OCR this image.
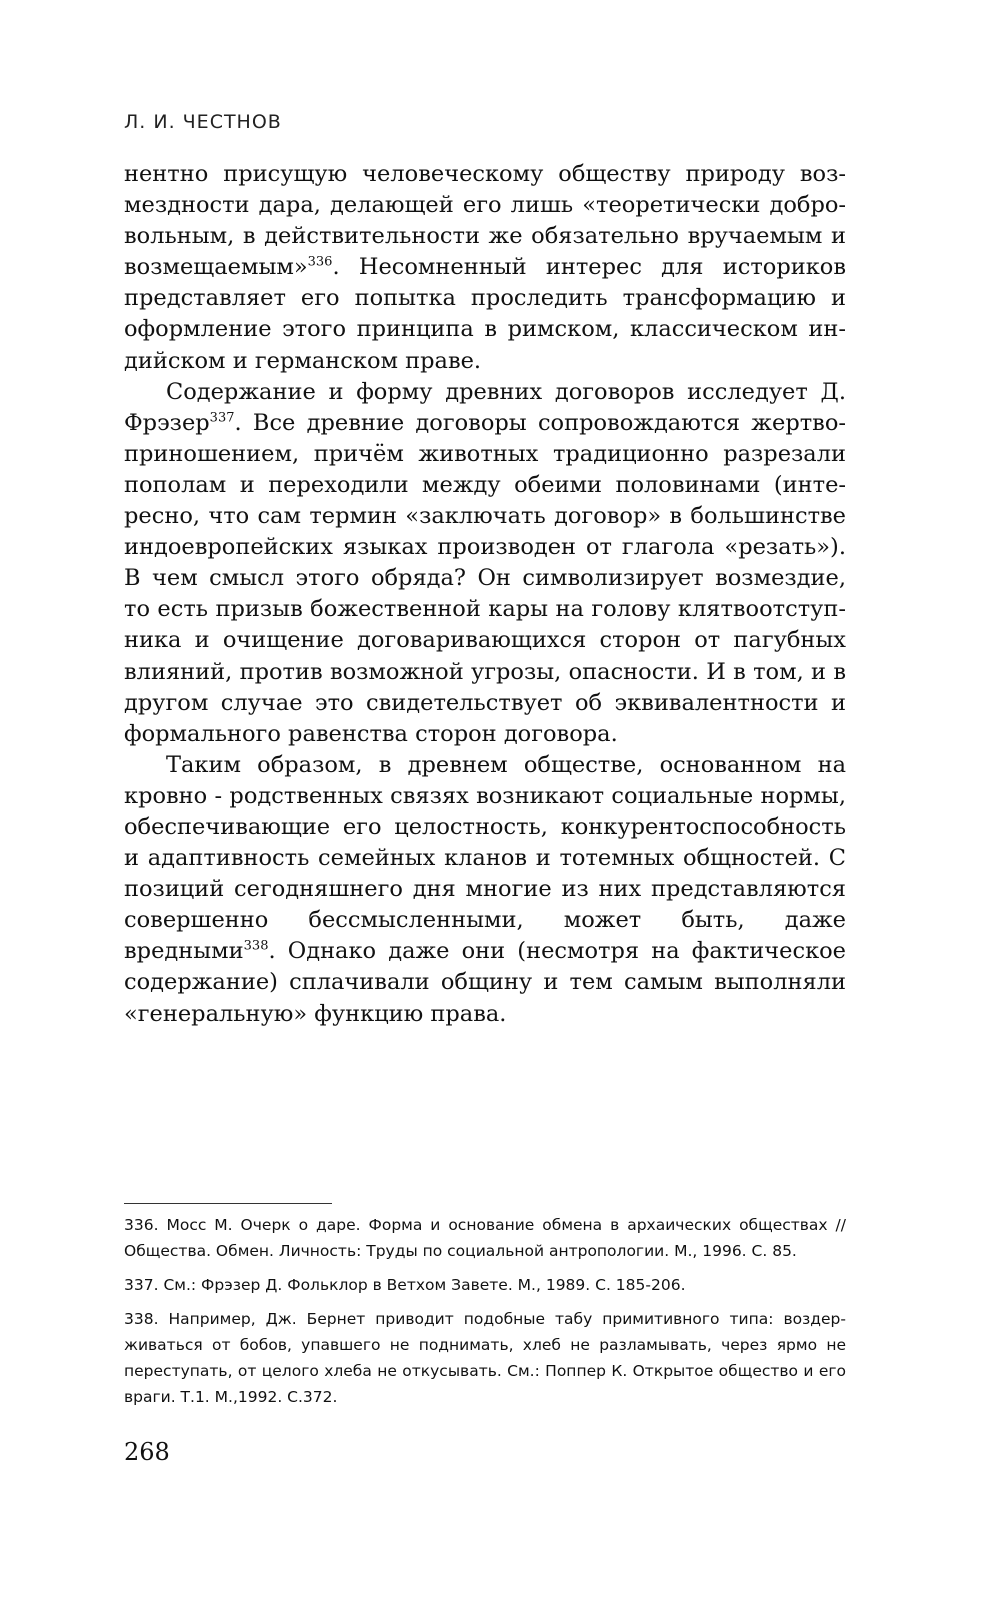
Л. И. ЧЕСТНОВ

нентно присущую человеческому обществу природу возмездности дара, делающей его лишь «теоретически добровольным, в действительности же обязательно вручаемым и возмещаемым»$^{336}$. Несомненный интерес для историков представляет его попытка проследить трансформацию и оформление этого принципа в римском, классическом индийском и германском праве.

Содержание и форму древних договоров исследует Д. Фрэзер$^{337}$. Все древние договоры сопровождаются жертвоприношением, причём животных традиционно разрезали пополам и переходили между обеими половинами (интересно, что сам термин «заключать договор» в большинстве индоевропейских языках производен от глагола «резать»). В чем смысл этого обряда? Он символизирует возмездие, то есть призыв божественной кары на голову клятвоотступника и очищение договаривающихся сторон от пагубных влияний, против возможной угрозы, опасности. И в том, и в другом случае это свидетельствует об эквивалентности и формального равенства сторон договора.

Таким образом, в древнем обществе, основанном на кровно - родственных связях возникают социальные нормы, обеспечивающие его целостность, конкурентоспособность и адаптивность семейных кланов и тотемных общностей. С позиций сегодняшнего дня многие из них представляются совершенно бессмысленными, может быть, даже вредными$^{338}$. Однако даже они (несмотря на фактическое содержание) сплачивали общину и тем самым выполняли «генеральную» функцию права.

336. Мосс М. Очерк о даре. Форма и основание обмена в архаических обществах // Общества. Обмен. Личность: Труды по социальной антропологии. М., 1996. С. 85.

337. См.: Фрэзер Д. Фольклор в Ветхом Завете. М., 1989. С. 185-206.

338. Например, Дж. Бернет приводит подобные табу примитивного типа: воздерживаться от бобов, упавшего не поднимать, хлеб не разламывать, через ярмо не переступать, от целого хлеба не откусывать. См.: Поппер К. Открытое общество и его враги. Т.1. М.,1992. С.372.

268
